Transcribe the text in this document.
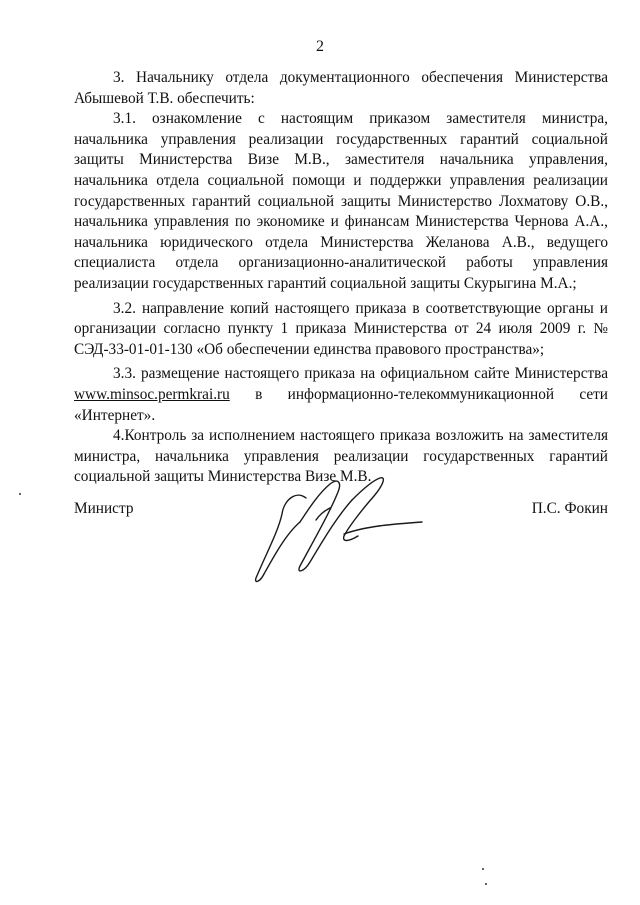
2

3. Начальнику отдела документационного обеспечения Министерства

Абышевой Т.В. обеспечить:

3.1. ознакомление с настоящим приказом заместителя министра, начальника управления реализации государственных гарантий социальной защиты Министерства Визе М.В., заместителя начальника управления, начальника отдела социальной помощи и поддержки управления реализации государственных гарантий социальной защиты Министерство Лохматову О.В., начальника управления по экономике и финансам Министерства Чернова А.А., начальника юридического отдела Министерства Желанова А.В., ведущего специалиста отдела организационно-аналитической работы управления реализации государственных гарантий социальной защиты Скурыгина М.А.;

3.2. направление копий настоящего приказа в соответствующие органы и организации согласно пункту 1 приказа Министерства от 24 июля 2009 г. № СЭД-33-01-01-130 «Об обеспечении единства правового пространства»;

3.3. размещение настоящего приказа на официальном сайте Министерства

www.minsoc.permkrai.ru в информационно-телекоммуникационной сети

«Интернет».

4.Контроль за исполнением настоящего приказа возложить на заместителя министра, начальника управления реализации государственных гарантий социальной защиты Министерства Визе М.В.

Министр	П.С. Фокин
